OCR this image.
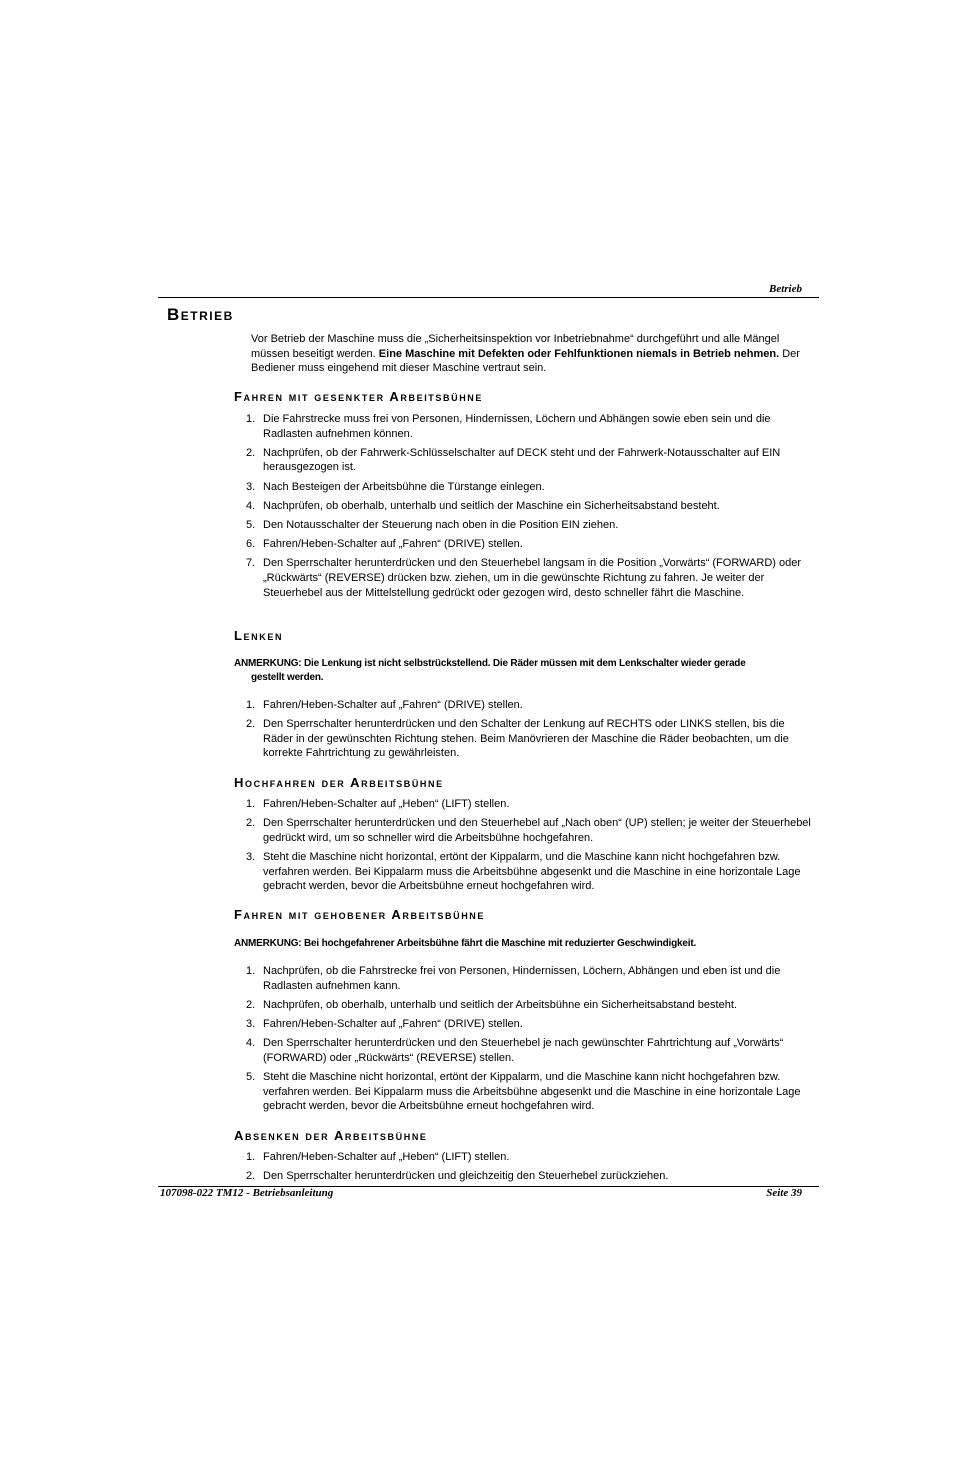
Betrieb
Betrieb
Vor Betrieb der Maschine muss die „Sicherheitsinspektion vor Inbetriebnahme“ durchgeführt und alle Mängel müssen beseitigt werden. Eine Maschine mit Defekten oder Fehlfunktionen niemals in Betrieb nehmen. Der Bediener muss eingehend mit dieser Maschine vertraut sein.
Fahren mit gesenkter Arbeitsbühne
1. Die Fahrstrecke muss frei von Personen, Hindernissen, Löchern und Abhängen sowie eben sein und die Radlasten aufnehmen können.
2. Nachprüfen, ob der Fahrwerk-Schlüsselschalter auf DECK steht und der Fahrwerk-Notausschalter auf EIN herausgezogen ist.
3. Nach Besteigen der Arbeitsbühne die Türstange einlegen.
4. Nachprüfen, ob oberhalb, unterhalb und seitlich der Maschine ein Sicherheitsabstand besteht.
5. Den Notausschalter der Steuerung nach oben in die Position EIN ziehen.
6. Fahren/Heben-Schalter auf „Fahren“ (DRIVE) stellen.
7. Den Sperrschalter herunterdrücken und den Steuerhebel langsam in die Position „Vorwärts“ (FORWARD) oder „Rückwärts“ (REVERSE) drücken bzw. ziehen, um in die gewünschte Richtung zu fahren. Je weiter der Steuerhebel aus der Mittelstellung gedrückt oder gezogen wird, desto schneller fährt die Maschine.
Lenken
ANMERKUNG: Die Lenkung ist nicht selbstrückstellend. Die Räder müssen mit dem Lenkschalter wieder gerade
gestellt werden.
1. Fahren/Heben-Schalter auf „Fahren“ (DRIVE) stellen.
2. Den Sperrschalter herunterdrücken und den Schalter der Lenkung auf RECHTS oder LINKS stellen, bis die Räder in der gewünschten Richtung stehen. Beim Manövrieren der Maschine die Räder beobachten, um die korrekte Fahrtrichtung zu gewährleisten.
Hochfahren der Arbeitsbühne
1. Fahren/Heben-Schalter auf „Heben“ (LIFT) stellen.
2. Den Sperrschalter herunterdrücken und den Steuerhebel auf „Nach oben“ (UP) stellen; je weiter der Steuerhebel gedrückt wird, um so schneller wird die Arbeitsbühne hochgefahren.
3. Steht die Maschine nicht horizontal, ertönt der Kippalarm, und die Maschine kann nicht hochgefahren bzw. verfahren werden. Bei Kippalarm muss die Arbeitsbühne abgesenkt und die Maschine in eine horizontale Lage gebracht werden, bevor die Arbeitsbühne erneut hochgefahren wird.
Fahren mit gehobener Arbeitsbühne
ANMERKUNG: Bei hochgefahrener Arbeitsbühne fährt die Maschine mit reduzierter Geschwindigkeit.
1. Nachprüfen, ob die Fahrstrecke frei von Personen, Hindernissen, Löchern, Abhängen und eben ist und die Radlasten aufnehmen kann.
2. Nachprüfen, ob oberhalb, unterhalb und seitlich der Arbeitsbühne ein Sicherheitsabstand besteht.
3. Fahren/Heben-Schalter auf „Fahren“ (DRIVE) stellen.
4. Den Sperrschalter herunterdrücken und den Steuerhebel je nach gewünschter Fahrtrichtung auf „Vorwärts“ (FORWARD) oder „Rückwärts“ (REVERSE) stellen.
5. Steht die Maschine nicht horizontal, ertönt der Kippalarm, und die Maschine kann nicht hochgefahren bzw. verfahren werden. Bei Kippalarm muss die Arbeitsbühne abgesenkt und die Maschine in eine horizontale Lage gebracht werden, bevor die Arbeitsbühne erneut hochgefahren wird.
Absenken der Arbeitsbühne
1. Fahren/Heben-Schalter auf „Heben“ (LIFT) stellen.
2. Den Sperrschalter herunterdrücken und gleichzeitig den Steuerhebel zurückziehen.
107098-022 TM12 - Betriebsanleitung	Seite 39
